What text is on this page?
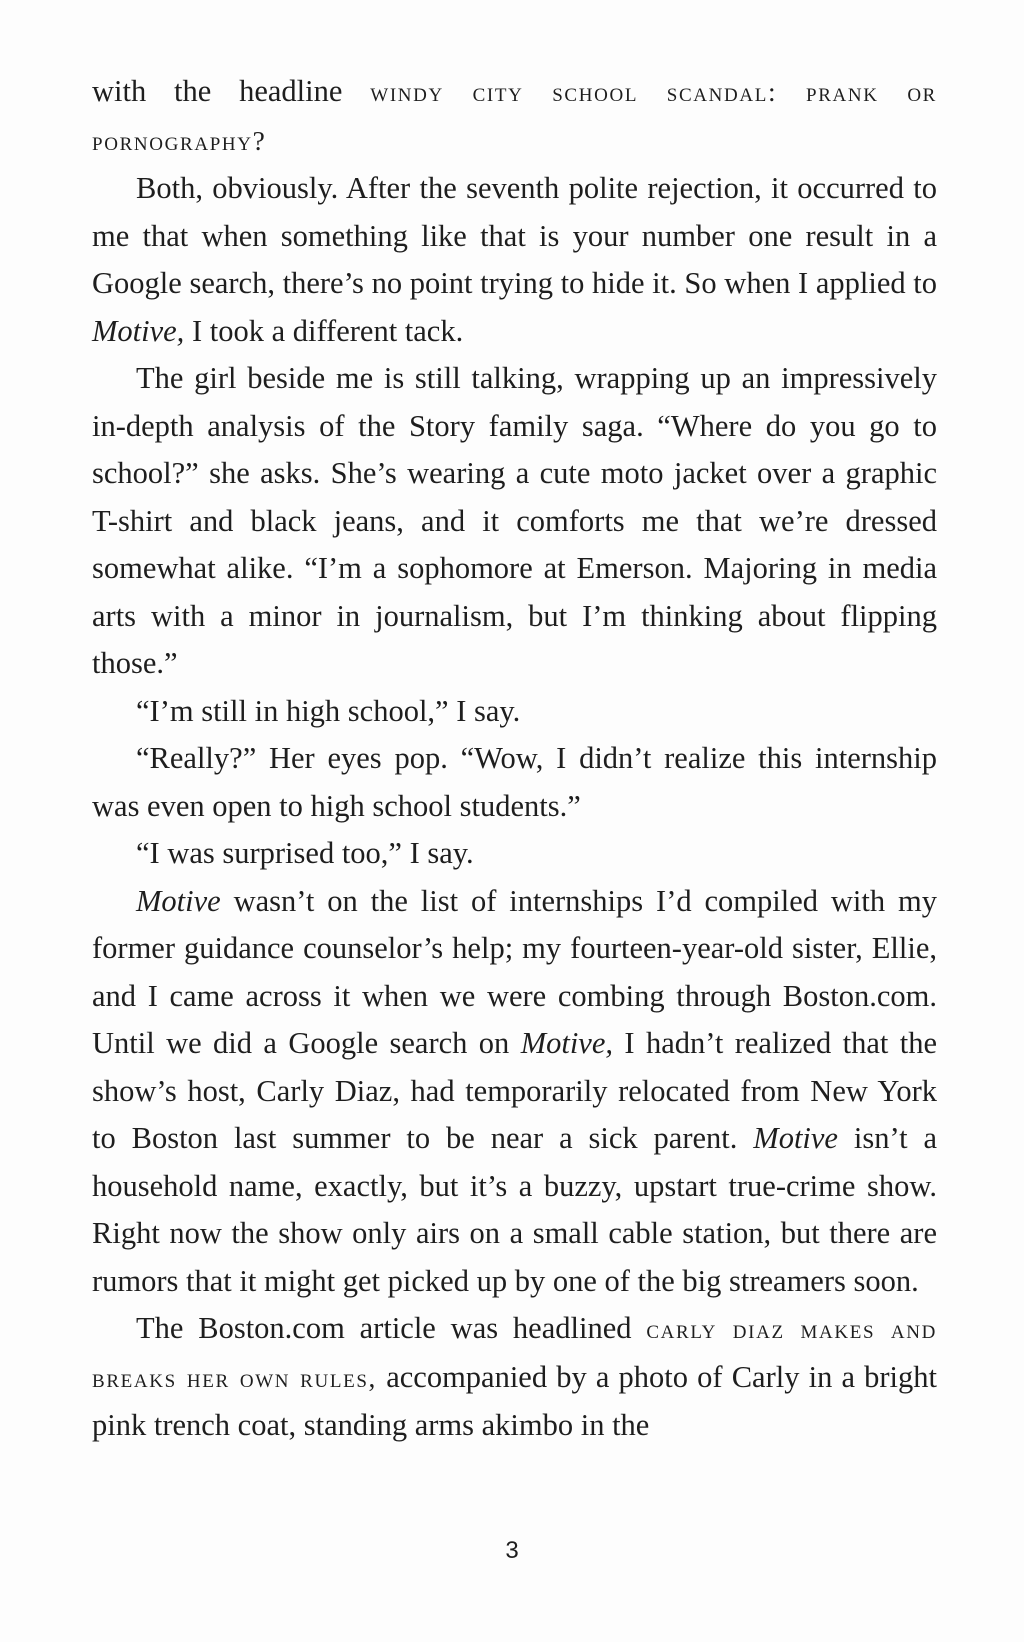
with the headline windy city school scandal: prank or pornography?

Both, obviously. After the seventh polite rejection, it occurred to me that when something like that is your number one result in a Google search, there’s no point trying to hide it. So when I applied to Motive, I took a different tack.

The girl beside me is still talking, wrapping up an impressively in-depth analysis of the Story family saga. “Where do you go to school?” she asks. She’s wearing a cute moto jacket over a graphic T-shirt and black jeans, and it comforts me that we’re dressed somewhat alike. “I’m a sophomore at Emerson. Majoring in media arts with a minor in journalism, but I’m thinking about flipping those.”

“I’m still in high school,” I say.

“Really?” Her eyes pop. “Wow, I didn’t realize this internship was even open to high school students.”

“I was surprised too,” I say.

Motive wasn’t on the list of internships I’d compiled with my former guidance counselor’s help; my fourteen-year-old sister, Ellie, and I came across it when we were combing through Boston.com. Until we did a Google search on Motive, I hadn’t realized that the show’s host, Carly Diaz, had temporarily relocated from New York to Boston last summer to be near a sick parent. Motive isn’t a household name, exactly, but it’s a buzzy, upstart true-crime show. Right now the show only airs on a small cable station, but there are rumors that it might get picked up by one of the big streamers soon.

The Boston.com article was headlined carly diaz makes and breaks her own rules, accompanied by a photo of Carly in a bright pink trench coat, standing arms akimbo in the

3
